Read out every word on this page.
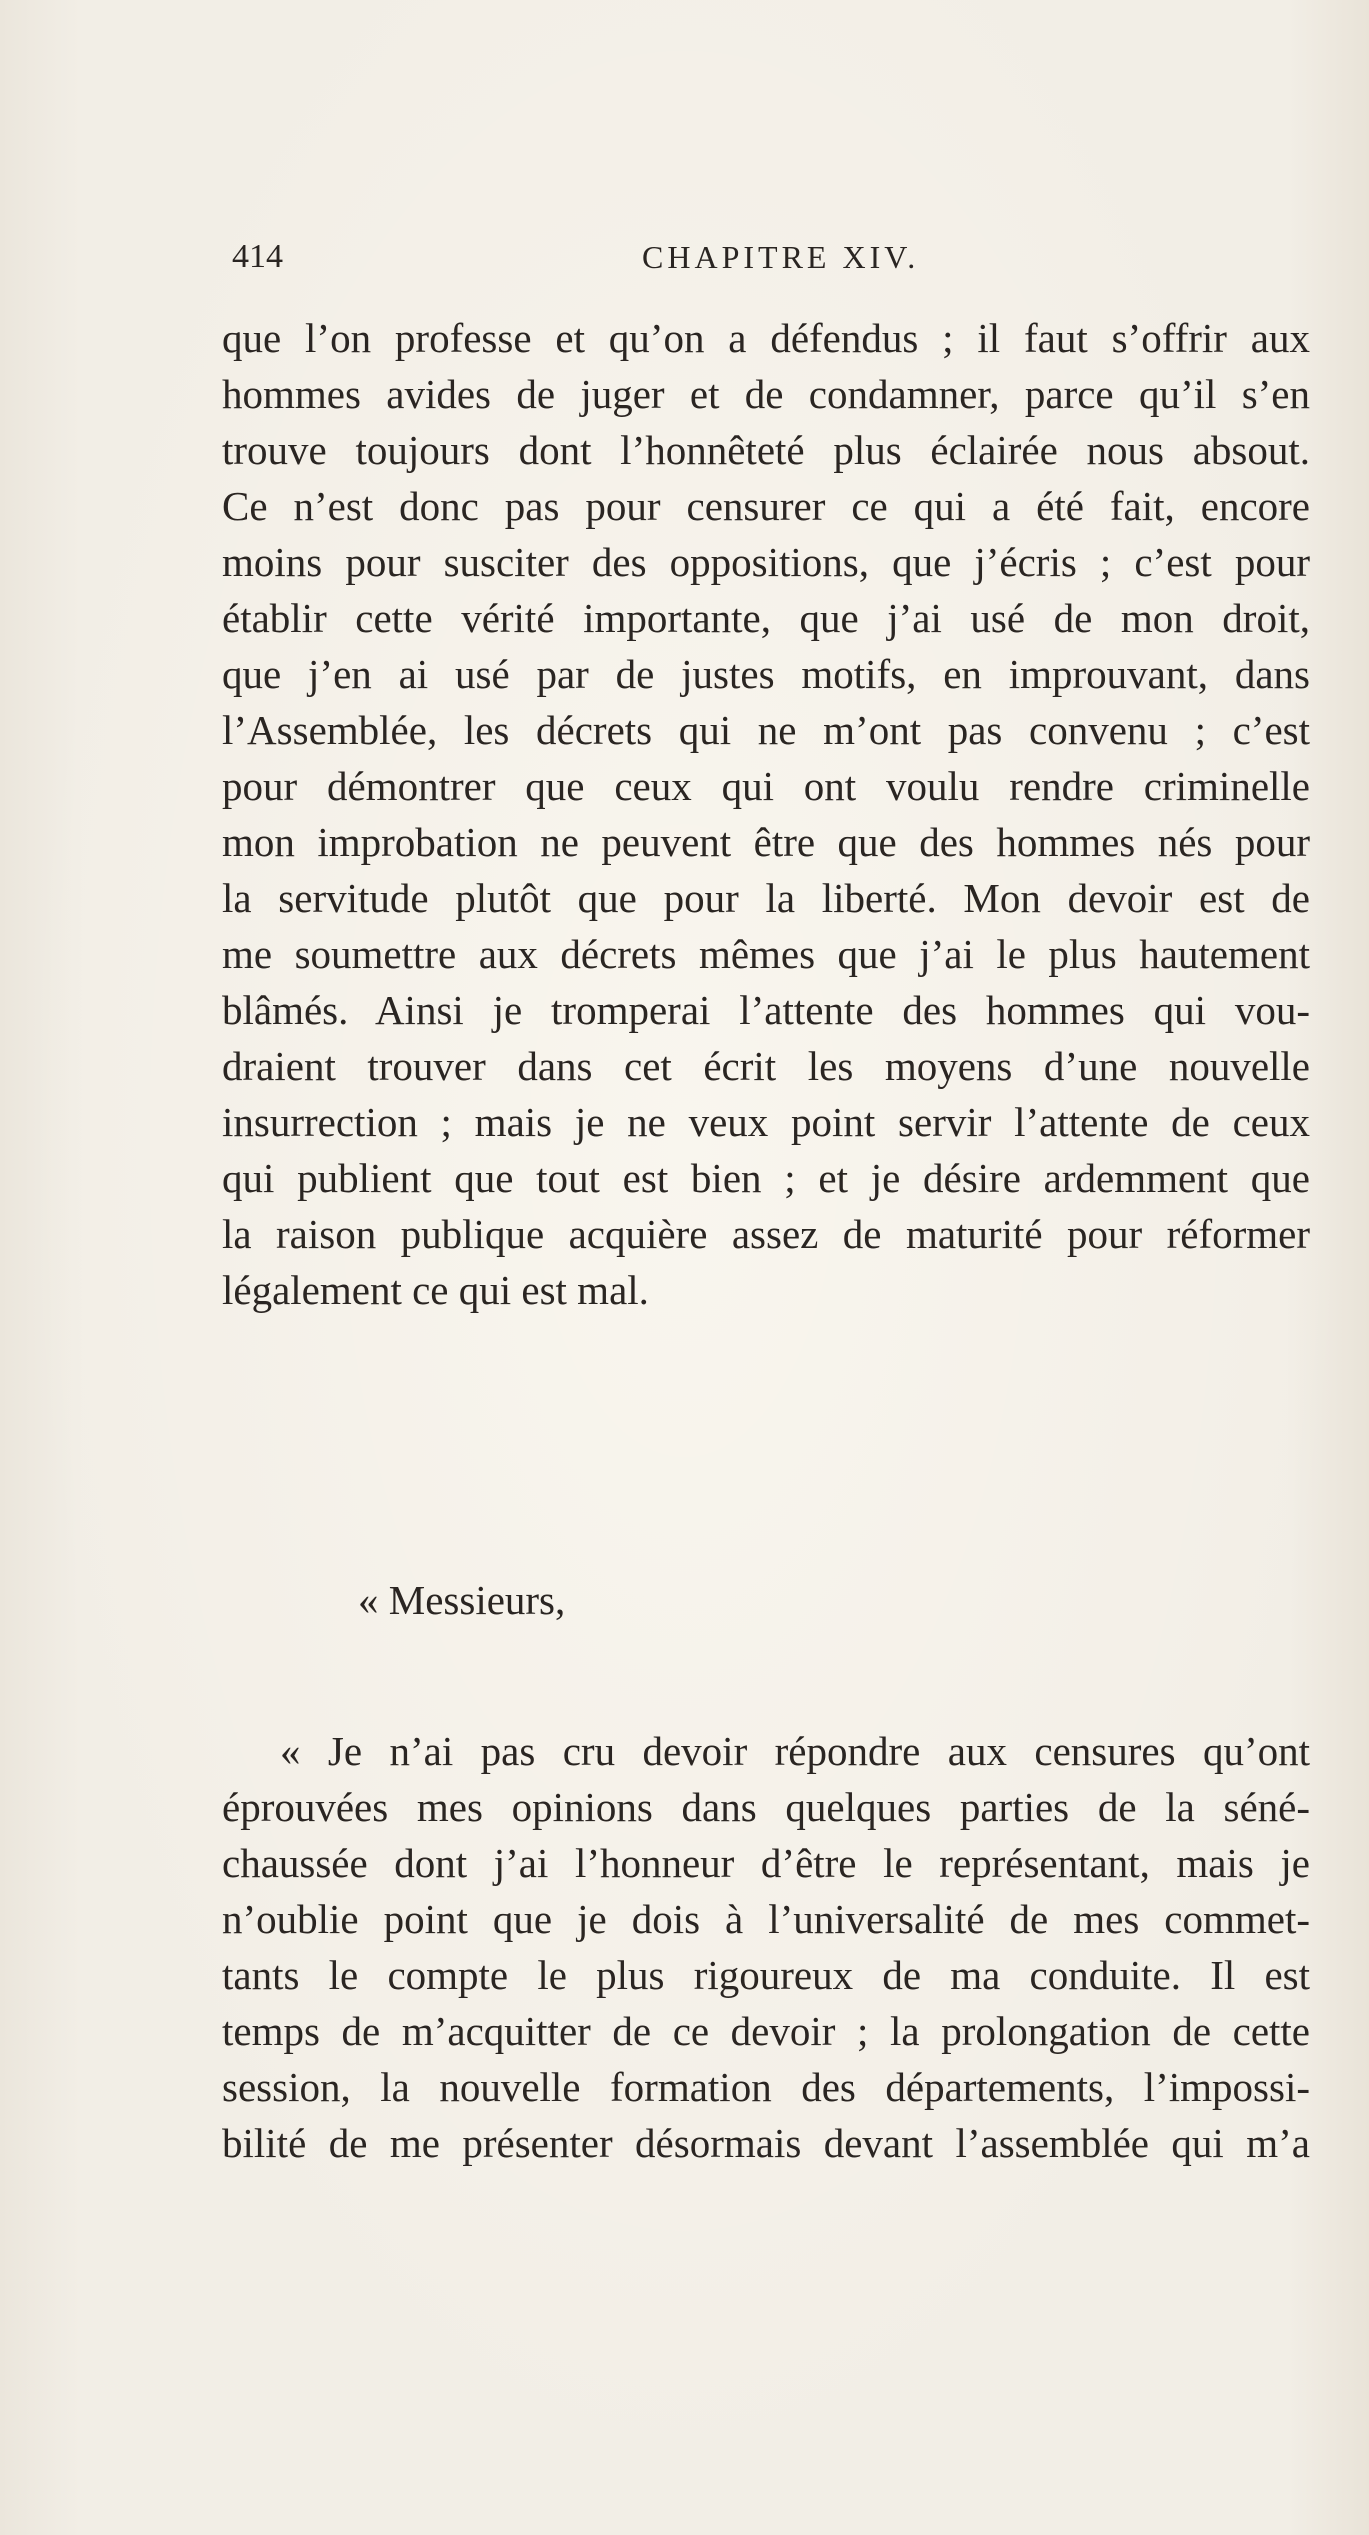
414	CHAPITRE XIV.
que l’on professe et qu’on a défendus ; il faut s’offrir aux
hommes avides de juger et de condamner, parce qu’il s’en
trouve toujours dont l’honnêteté plus éclairée nous absout.
Ce n’est donc pas pour censurer ce qui a été fait, encore
moins pour susciter des oppositions, que j’écris ; c’est pour
établir cette vérité importante, que j’ai usé de mon droit,
que j’en ai usé par de justes motifs, en improuvant, dans
l’Assemblée, les décrets qui ne m’ont pas convenu ; c’est
pour démontrer que ceux qui ont voulu rendre criminelle
mon improbation ne peuvent être que des hommes nés pour
la servitude plutôt que pour la liberté. Mon devoir est de
me soumettre aux décrets mêmes que j’ai le plus hautement
blâmés. Ainsi je tromperai l’attente des hommes qui vou-
draient trouver dans cet écrit les moyens d’une nouvelle
insurrection ; mais je ne veux point servir l’attente de ceux
qui publient que tout est bien ; et je désire ardemment que
la raison publique acquière assez de maturité pour réformer
légalement ce qui est mal.
« Messieurs,
« Je n’ai pas cru devoir répondre aux censures qu’ont
éprouvées mes opinions dans quelques parties de la séné-
chaussée dont j’ai l’honneur d’être le représentant, mais je
n’oublie point que je dois à l’universalité de mes commet-
tants le compte le plus rigoureux de ma conduite. Il est
temps de m’acquitter de ce devoir ; la prolongation de cette
session, la nouvelle formation des départements, l’impossi-
bilité de me présenter désormais devant l’assemblée qui m’a
